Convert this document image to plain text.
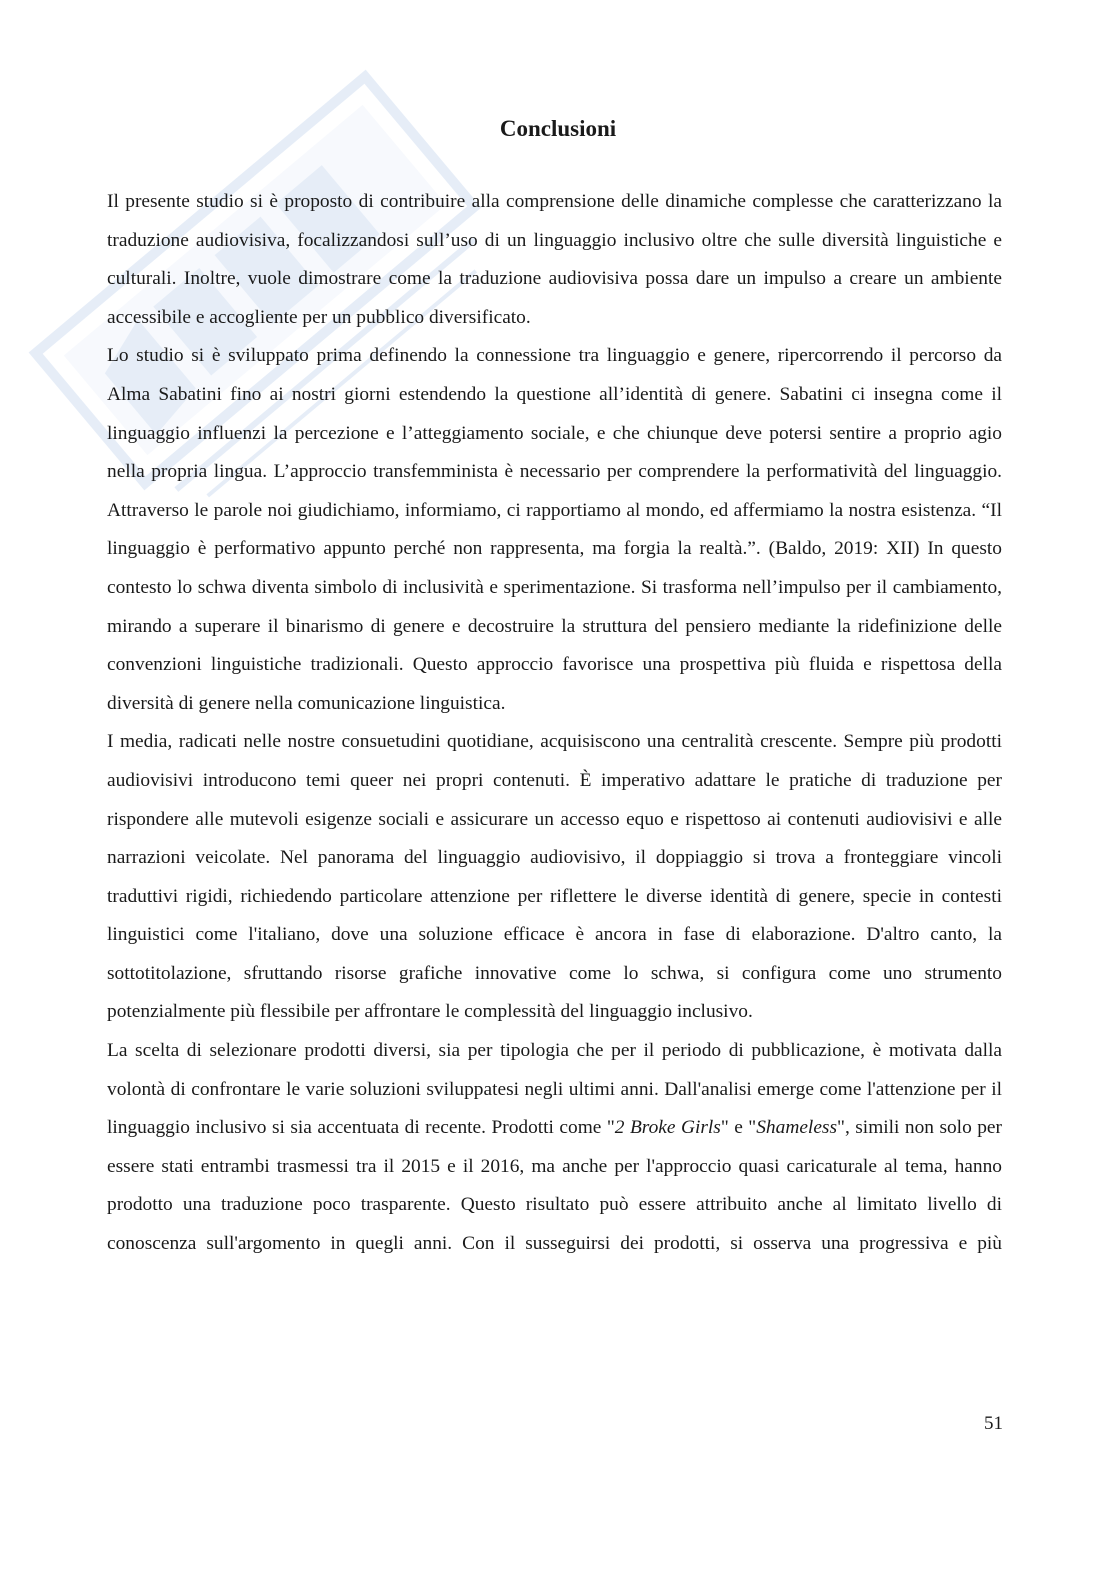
Conclusioni

Il presente studio si è proposto di contribuire alla comprensione delle dinamiche complesse che caratterizzano la traduzione audiovisiva, focalizzandosi sull’uso di un linguaggio inclusivo oltre che sulle diversità linguistiche e culturali. Inoltre, vuole dimostrare come la traduzione audiovisiva possa dare un impulso a creare un ambiente accessibile e accogliente per un pubblico diversificato.

Lo studio si è sviluppato prima definendo la connessione tra linguaggio e genere, ripercorrendo il percorso da Alma Sabatini fino ai nostri giorni estendendo la questione all’identità di genere. Sabatini ci insegna come il linguaggio influenzi la percezione e l’atteggiamento sociale, e che chiunque deve potersi sentire a proprio agio nella propria lingua. L’approccio transfemminista è necessario per comprendere la performatività del linguaggio. Attraverso le parole noi giudichiamo, informiamo, ci rapportiamo al mondo, ed affermiamo la nostra esistenza. “Il linguaggio è performativo appunto perché non rappresenta, ma forgia la realtà.”. (Baldo, 2019: XII) In questo contesto lo schwa diventa simbolo di inclusività e sperimentazione. Si trasforma nell’impulso per il cambiamento, mirando a superare il binarismo di genere e decostruire la struttura del pensiero mediante la ridefinizione delle convenzioni linguistiche tradizionali. Questo approccio favorisce una prospettiva più fluida e rispettosa della diversità di genere nella comunicazione linguistica.

I media, radicati nelle nostre consuetudini quotidiane, acquisiscono una centralità crescente. Sempre più prodotti audiovisivi introducono temi queer nei propri contenuti. È imperativo adattare le pratiche di traduzione per rispondere alle mutevoli esigenze sociali e assicurare un accesso equo e rispettoso ai contenuti audiovisivi e alle narrazioni veicolate. Nel panorama del linguaggio audiovisivo, il doppiaggio si trova a fronteggiare vincoli traduttivi rigidi, richiedendo particolare attenzione per riflettere le diverse identità di genere, specie in contesti linguistici come l'italiano, dove una soluzione efficace è ancora in fase di elaborazione. D'altro canto, la sottotitolazione, sfruttando risorse grafiche innovative come lo schwa, si configura come uno strumento potenzialmente più flessibile per affrontare le complessità del linguaggio inclusivo.

La scelta di selezionare prodotti diversi, sia per tipologia che per il periodo di pubblicazione, è motivata dalla volontà di confrontare le varie soluzioni sviluppatesi negli ultimi anni. Dall'analisi emerge come l'attenzione per il linguaggio inclusivo si sia accentuata di recente. Prodotti come "2 Broke Girls" e "Shameless", simili non solo per essere stati entrambi trasmessi tra il 2015 e il 2016, ma anche per l'approccio quasi caricaturale al tema, hanno prodotto una traduzione poco trasparente. Questo risultato può essere attribuito anche al limitato livello di conoscenza sull'argomento in quegli anni. Con il susseguirsi dei prodotti, si osserva una progressiva e più

51
